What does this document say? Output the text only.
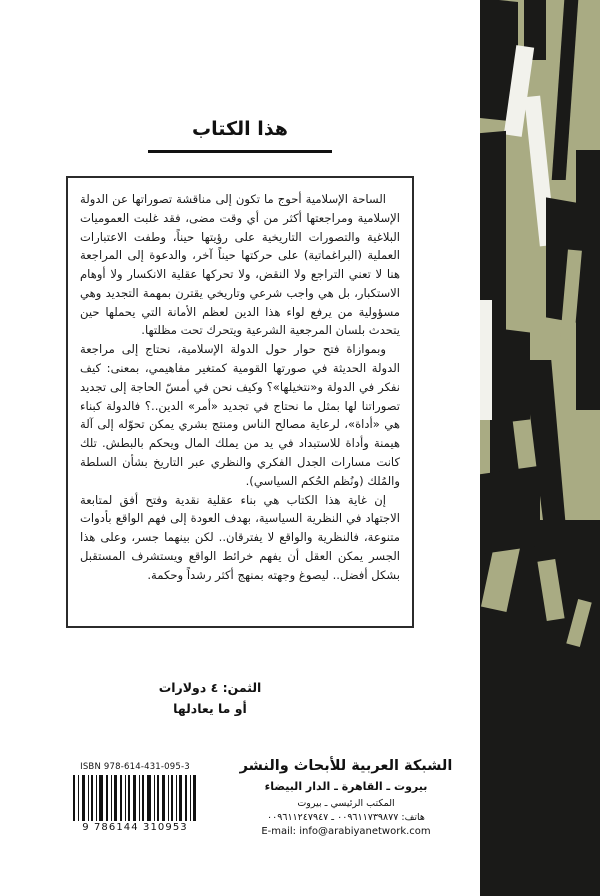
هذا الكتاب

الساحة الإسلامية أحوج ما تكون إلى مناقشة تصوراتها عن الدولة الإسلامية ومراجعتها أكثر من أي وقت مضى، فقد غلبت العموميات البلاغية والتصورات التاريخية على رؤيتها حيناً، وطفت الاعتبارات العملية (البراغماتية) على حركتها حيناً آخر، والدعوة إلى المراجعة هنا لا تعني التراجع ولا النقض، ولا تحركها عقلية الانكسار ولا أوهام الاستكبار، بل هي واجب شرعي وتاريخي يقترن بمهمة التجديد وهي مسؤولية من يرفع لواء هذا الدين لعظم الأمانة التي يحملها حين يتحدث بلسان المرجعية الشرعية ويتحرك تحت مظلتها.

وبموازاة فتح حوار حول الدولة الإسلامية، نحتاج إلى مراجعة الدولة الحديثة في صورتها القومية كمتغير مفاهيمي، بمعنى: كيف نفكر في الدولة و«نتخيلها»؟ وكيف نحن في أمسّ الحاجة إلى تجديد تصوراتنا لها بمثل ما نحتاج في تجديد «أمر» الدين..؟ فالدولة كبناء هي «أداة»، لرعاية مصالح الناس ومنتج بشري يمكن تحوّله إلى آلة هيمنة وأداة للاستبداد في يد من يملك المال ويحكم بالبطش. تلك كانت مسارات الجدل الفكري والنظري عبر التاريخ بشأن السلطة والمُلك (ونُظم الحُكم السياسي).

إن غاية هذا الكتاب هي بناء عقلية نقدية وفتح أفق لمتابعة الاجتهاد في النظرية السياسية، بهدف العودة إلى فهم الواقع بأدوات متنوعة، فالنظرية والواقع لا يفترقان.. لكن بينهما جسر، وعلى هذا الجسر يمكن العقل أن يفهم خرائط الواقع ويستشرف المستقبل بشكل أفضل.. ليصوغ وجهته بمنهج أكثر رشداً وحكمة.

الثمن: ٤ دولارات
أو ما يعادلها
ISBN 978-614-431-095-3
9 786144 310953
الشبكة العربية للأبحاث والنشر
بيروت ـ القاهرة ـ الدار البيضاء
المكتب الرئيسي ـ بيروت
هاتف: ٠٠٩٦١١٧٣٩٨٧٧ ـ ٠٠٩٦١١٢٤٧٩٤٧
E-mail: info@arabiyanetwork.com
